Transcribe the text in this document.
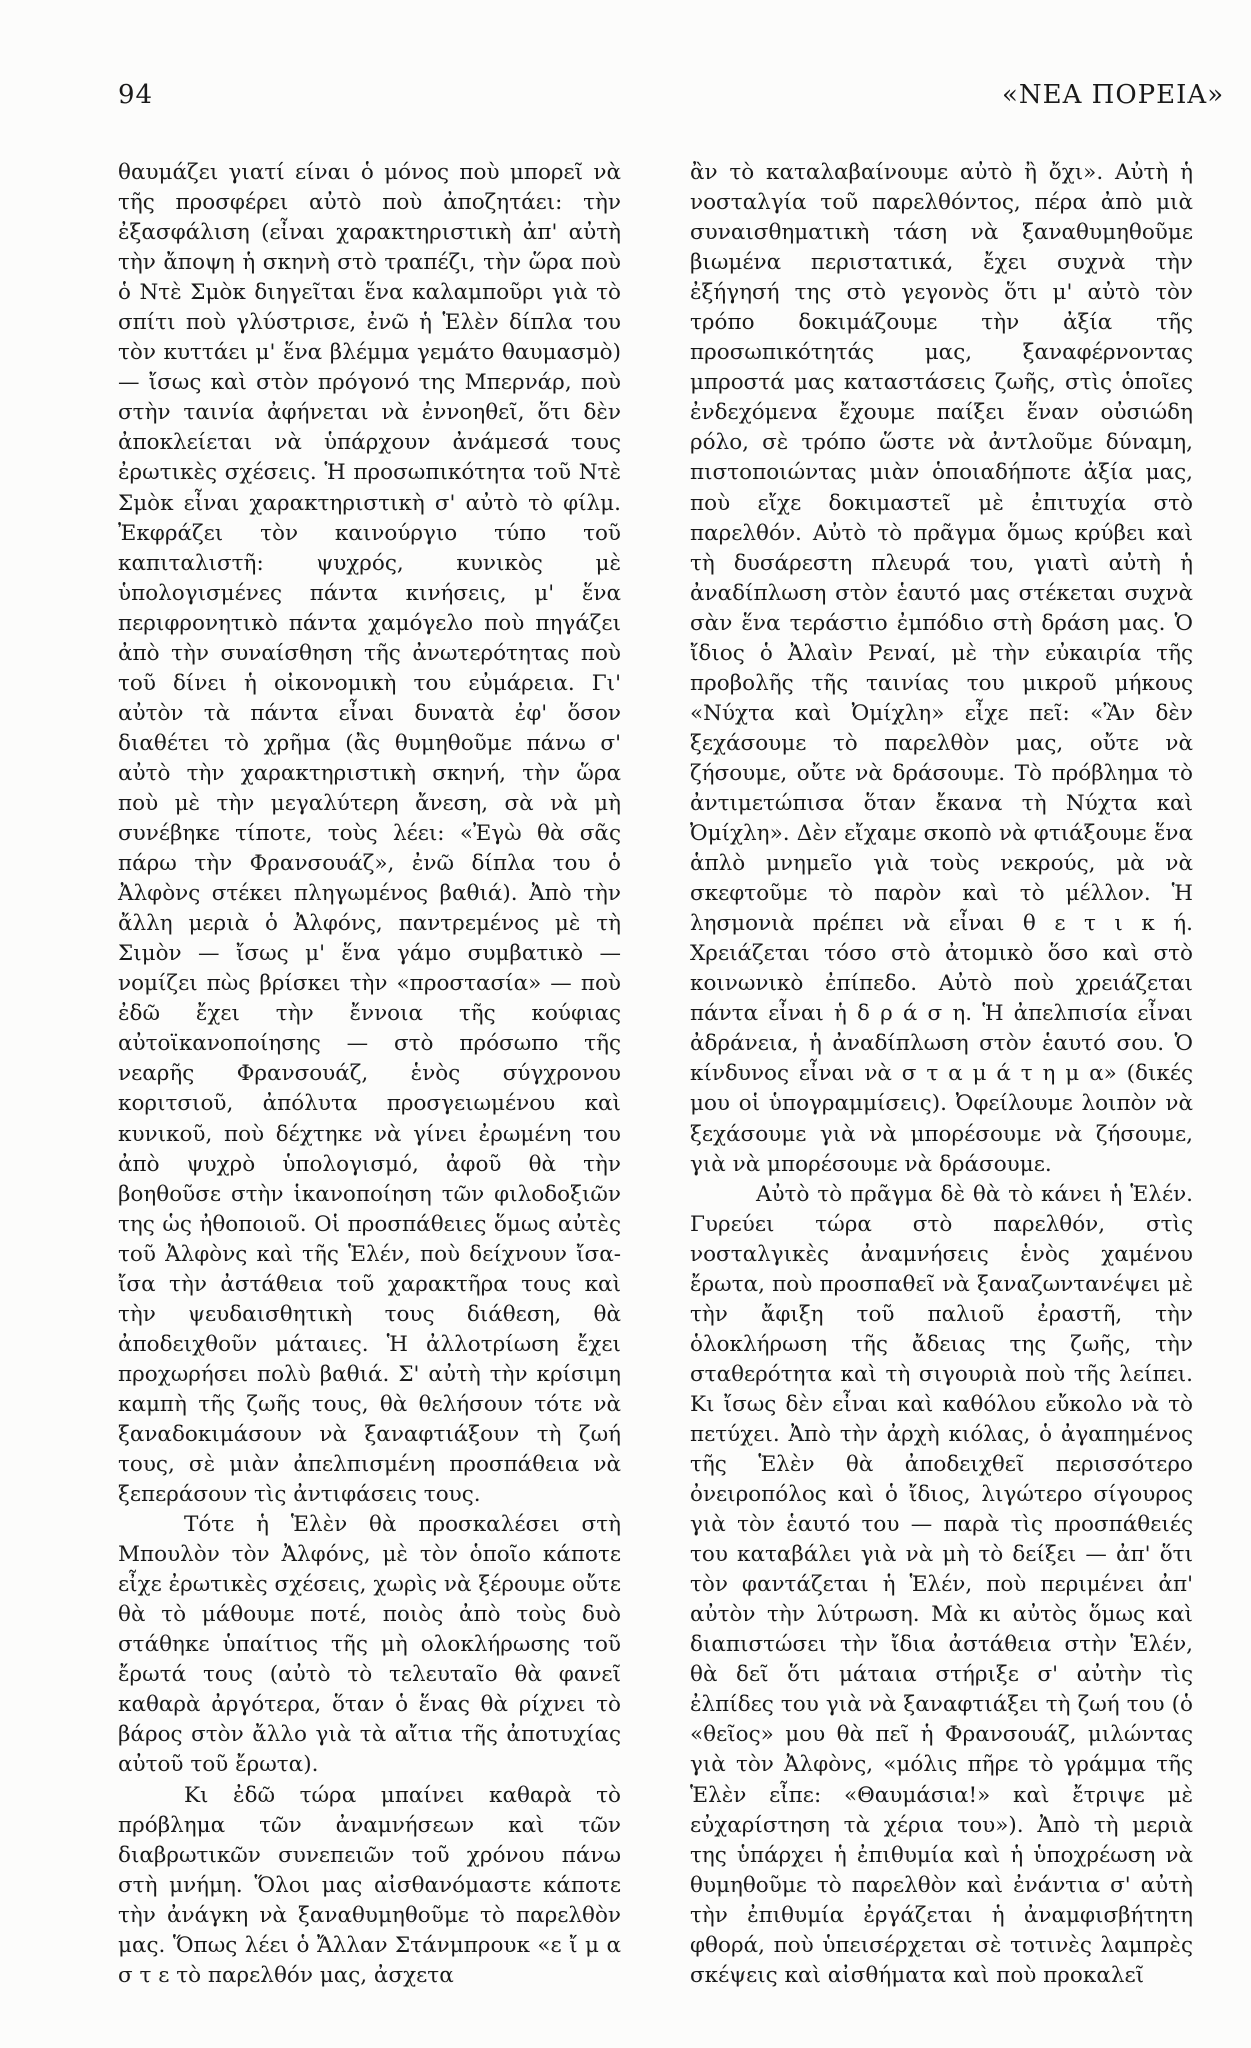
94	«ΝΕΑ ΠΟΡΕΙΑ»

θαυμάζει γιατί είναι ὁ μόνος ποὺ μπορεῖ νὰ τῆς προσφέρει αὐτὸ ποὺ ἀποζητάει: τὴν ἐξασφάλιση (εἶναι χαρακτηριστικὴ ἀπ' αὐτὴ τὴν ἄποψη ἡ σκηνὴ στὸ τραπέζι, τὴν ὥρα ποὺ ὁ Ντὲ Σμὸκ διηγεῖται ἕνα καλαμποῦρι γιὰ τὸ σπίτι ποὺ γλύστρισε, ἐνῶ ἡ Ἑλὲν δίπλα του τὸν κυττάει μ' ἕνα βλέμμα γεμάτο θαυμασμὸ) — ἴσως καὶ στὸν πρόγονό της Μπερνάρ, ποὺ στὴν ταινία ἀφήνεται νὰ ἐννοηθεῖ, ὅτι δὲν ἀποκλείεται νὰ ὑπάρχουν ἀνάμεσά τους ἐρωτικὲς σχέσεις. Ἡ προσωπικότητα τοῦ Ντὲ Σμὸκ εἶναι χαρακτηριστικὴ σ' αὐτὸ τὸ φίλμ. Ἐκφράζει τὸν καινούργιο τύπο τοῦ καπιταλιστῆ: ψυχρός, κυνικὸς μὲ ὑπολογισμένες πάντα κινήσεις, μ' ἕνα περιφρονητικὸ πάντα χαμόγελο ποὺ πηγάζει ἀπὸ τὴν συναίσθηση τῆς ἀνωτερότητας ποὺ τοῦ δίνει ἡ οἰκονομικὴ του εὐμάρεια. Γι' αὐτὸν τὰ πάντα εἶναι δυνατὰ ἐφ' ὅσον διαθέτει τὸ χρῆμα (ἂς θυμηθοῦμε πάνω σ' αὐτὸ τὴν χαρακτηριστικὴ σκηνή, τὴν ὥρα ποὺ μὲ τὴν μεγαλύτερη ἄνεση, σὰ νὰ μὴ συνέβηκε τίποτε, τοὺς λέει: «Ἐγὼ θὰ σᾶς πάρω τὴν Φρανσουάζ», ἐνῶ δίπλα του ὁ Ἀλφὸνς στέκει πληγωμένος βαθιά). Ἀπὸ τὴν ἄλλη μεριὰ ὁ Ἀλφόνς, παντρεμένος μὲ τὴ Σιμὸν — ἴσως μ' ἕνα γάμο συμβατικὸ — νομίζει πὼς βρίσκει τὴν «προστασία» — ποὺ ἐδῶ ἔχει τὴν ἔννοια τῆς κούφιας αὐτοϊκανοποίησης — στὸ πρόσωπο τῆς νεαρῆς Φρανσουάζ, ἑνὸς σύγχρονου κοριτσιοῦ, ἀπόλυτα προσγειωμένου καὶ κυνικοῦ, ποὺ δέχτηκε νὰ γίνει ἐρωμένη του ἀπὸ ψυχρὸ ὑπολογισμό, ἀφοῦ θὰ τὴν βοηθοῦσε στὴν ἱκανοποίηση τῶν φιλοδοξιῶν της ὡς ἠθοποιοῦ. Οἱ προσπάθειες ὅμως αὐτὲς τοῦ Ἀλφὸνς καὶ τῆς Ἑλέν, ποὺ δείχνουν ἴσα-ἴσα τὴν ἀστάθεια τοῦ χαρακτῆρα τους καὶ τὴν ψευδαισθητικὴ τους διάθεση, θὰ ἀποδειχθοῦν μάταιες. Ἡ ἀλλοτρίωση ἔχει προχωρήσει πολὺ βαθιά. Σ' αὐτὴ τὴν κρίσιμη καμπὴ τῆς ζωῆς τους, θὰ θελήσουν τότε νὰ ξαναδοκιμάσουν νὰ ξαναφτιάξουν τὴ ζωή τους, σὲ μιὰν ἀπελπισμένη προσπάθεια νὰ ξεπεράσουν τὶς ἀντιφάσεις τους.

Τότε ἡ Ἑλὲν θὰ προσκαλέσει στὴ Μπουλὸν τὸν Ἀλφόνς, μὲ τὸν ὁποῖο κάποτε εἶχε ἐρωτικὲς σχέσεις, χωρὶς νὰ ξέρουμε οὔτε θὰ τὸ μάθουμε ποτέ, ποιὸς ἀπὸ τοὺς δυὸ στάθηκε ὑπαίτιος τῆς μὴ ολοκλήρωσης τοῦ ἔρωτά τους (αὐτὸ τὸ τελευταῖο θὰ φανεῖ καθαρὰ ἀργότερα, ὅταν ὁ ἕνας θὰ ρίχνει τὸ βάρος στὸν ἄλλο γιὰ τὰ αἴτια τῆς ἀποτυχίας αὐτοῦ τοῦ ἔρωτα).

Κι ἐδῶ τώρα μπαίνει καθαρὰ τὸ πρόβλημα τῶν ἀναμνήσεων καὶ τῶν διαβρωτικῶν συνεπειῶν τοῦ χρόνου πάνω στὴ μνήμη. Ὅλοι μας αἰσθανόμαστε κάποτε τὴν ἀνάγκη νὰ ξαναθυμηθοῦμε τὸ παρελθὸν μας. Ὅπως λέει ὁ Ἄλλαν Στάνμπρουκ «ε ἴ μ α σ τ ε τὸ παρελθόν μας, ἀσχετα

ἂν τὸ καταλαβαίνουμε αὐτὸ ἢ ὄχι». Αὐτὴ ἡ νοσταλγία τοῦ παρελθόντος, πέρα ἀπὸ μιὰ συναισθηματικὴ τάση νὰ ξαναθυμηθοῦμε βιωμένα περιστατικά, ἔχει συχνὰ τὴν ἐξήγησή της στὸ γεγονὸς ὅτι μ' αὐτὸ τὸν τρόπο δοκιμάζουμε τὴν ἀξία τῆς προσωπικότητάς μας, ξαναφέρνοντας μπροστά μας καταστάσεις ζωῆς, στὶς ὁποῖες ἐνδεχόμενα ἔχουμε παίξει ἕναν οὐσιώδη ρόλο, σὲ τρόπο ὥστε νὰ ἀντλοῦμε δύναμη, πιστοποιώντας μιὰν ὁποιαδήποτε ἀξία μας, ποὺ εἴχε δοκιμαστεῖ μὲ ἐπιτυχία στὸ παρελθόν. Αὐτὸ τὸ πρᾶγμα ὅμως κρύβει καὶ τὴ δυσάρεστη πλευρά του, γιατὶ αὐτὴ ἡ ἀναδίπλωση στὸν ἑαυτό μας στέκεται συχνὰ σὰν ἕνα τεράστιο ἐμπόδιο στὴ δράση μας. Ὁ ἴδιος ὁ Ἀλαὶν Ρεναί, μὲ τὴν εὐκαιρία τῆς προβολῆς τῆς ταινίας του μικροῦ μήκους «Νύχτα καὶ Ὀμίχλη» εἶχε πεῖ: «Ἂν δὲν ξεχάσουμε τὸ παρελθὸν μας, οὔτε νὰ ζήσουμε, οὔτε νὰ δράσουμε. Τὸ πρόβλημα τὸ ἀντιμετώπισα ὅταν ἔκανα τὴ Νύχτα καὶ Ὀμίχλη». Δὲν εἴχαμε σκοπὸ νὰ φτιάξουμε ἕνα ἁπλὸ μνημεῖο γιὰ τοὺς νεκρούς, μὰ νὰ σκεφτοῦμε τὸ παρὸν καὶ τὸ μέλλον. Ἡ λησμονιὰ πρέπει νὰ εἶναι θ ε τ ι κ ή. Χρειάζεται τόσο στὸ ἀτομικὸ ὅσο καὶ στὸ κοινωνικὸ ἐπίπεδο. Αὐτὸ ποὺ χρειάζεται πάντα εἶναι ἡ δ ρ ά σ η. Ἡ ἀπελπισία εἶναι ἀδράνεια, ἡ ἀναδίπλωση στὸν ἑαυτό σου. Ὁ κίνδυνος εἶναι νὰ σ τ α μ ά τ η μ α» (δικές μου οἱ ὑπογραμμίσεις). Ὀφείλουμε λοιπὸν νὰ ξεχάσουμε γιὰ νὰ μπορέσουμε νὰ ζήσουμε, γιὰ νὰ μπορέσουμε νὰ δράσουμε.

Αὐτὸ τὸ πρᾶγμα δὲ θὰ τὸ κάνει ἡ Ἑλέν. Γυρεύει τώρα στὸ παρελθόν, στὶς νοσταλγικὲς ἀναμνήσεις ἑνὸς χαμένου ἔρωτα, ποὺ προσπαθεῖ νὰ ξαναζωντανέψει μὲ τὴν ἄφιξη τοῦ παλιοῦ ἐραστῆ, τὴν ὁλοκλήρωση τῆς ἄδειας της ζωῆς, τὴν σταθερότητα καὶ τὴ σιγουριὰ ποὺ τῆς λείπει. Κι ἴσως δὲν εἶναι καὶ καθόλου εὔκολο νὰ τὸ πετύχει. Ἀπὸ τὴν ἀρχὴ κιόλας, ὁ ἀγαπημένος τῆς Ἑλὲν θὰ ἀποδειχθεῖ περισσότερο ὀνειροπόλος καὶ ὁ ἴδιος, λιγώτερο σίγουρος γιὰ τὸν ἑαυτό του — παρὰ τὶς προσπάθειές του καταβάλει γιὰ νὰ μὴ τὸ δείξει — ἀπ' ὅτι τὸν φαντάζεται ἡ Ἑλέν, ποὺ περιμένει ἀπ' αὐτὸν τὴν λύτρωση. Μὰ κι αὐτὸς ὅμως καὶ διαπιστώσει τὴν ἴδια ἀστάθεια στὴν Ἑλέν, θὰ δεῖ ὅτι μάταια στήριξε σ' αὐτὴν τὶς ἐλπίδες του γιὰ νὰ ξαναφτιάξει τὴ ζωή του (ὁ «θεῖος» μου θὰ πεῖ ἡ Φρανσουάζ, μιλώντας γιὰ τὸν Ἀλφὸνς, «μόλις πῆρε τὸ γράμμα τῆς Ἑλὲν εἶπε: «Θαυμάσια!» καὶ ἔτριψε μὲ εὐχαρίστηση τὰ χέρια του»). Ἀπὸ τὴ μεριὰ της ὑπάρχει ἡ ἐπιθυμία καὶ ἡ ὑποχρέωση νὰ θυμηθοῦμε τὸ παρελθὸν καὶ ἐνάντια σ' αὐτὴ τὴν ἐπιθυμία ἐργάζεται ἡ ἀναμφισβήτητη φθορά, ποὺ ὑπεισέρχεται σὲ τοτινὲς λαμπρὲς σκέψεις καὶ αἰσθήματα καὶ ποὺ προκαλεῖ
